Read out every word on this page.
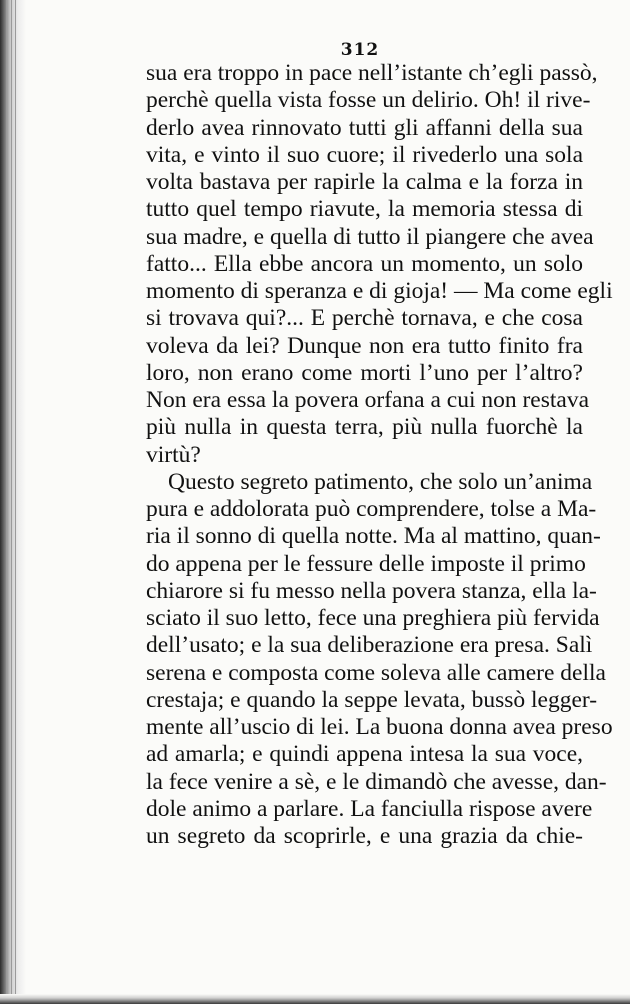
312
sua era troppo in pace nell’istante ch’egli passò,
perchè quella vista fosse un delirio. Oh! il rive-
derlo avea rinnovato tutti gli affanni della sua
vita, e vinto il suo cuore; il rivederlo una sola
volta bastava per rapirle la calma e la forza in
tutto quel tempo riavute, la memoria stessa di
sua madre, e quella di tutto il piangere che avea
fatto... Ella ebbe ancora un momento, un solo
momento di speranza e di gioja! — Ma come egli
si trovava qui?... E perchè tornava, e che cosa
voleva da lei? Dunque non era tutto finito fra
loro, non erano come morti l’uno per l’altro?
Non era essa la povera orfana a cui non restava
più nulla in questa terra, più nulla fuorchè la
virtù?
Questo segreto patimento, che solo un’anima
pura e addolorata può comprendere, tolse a Ma-
ria il sonno di quella notte. Ma al mattino, quan-
do appena per le fessure delle imposte il primo
chiarore si fu messo nella povera stanza, ella la-
sciato il suo letto, fece una preghiera più fervida
dell’usato; e la sua deliberazione era presa. Salì
serena e composta come soleva alle camere della
crestaja; e quando la seppe levata, bussò legger-
mente all’uscio di lei. La buona donna avea preso
ad amarla; e quindi appena intesa la sua voce,
la fece venire a sè, e le dimandò che avesse, dan-
dole animo a parlare. La fanciulla rispose avere
un segreto da scoprirle, e una grazia da chie-
